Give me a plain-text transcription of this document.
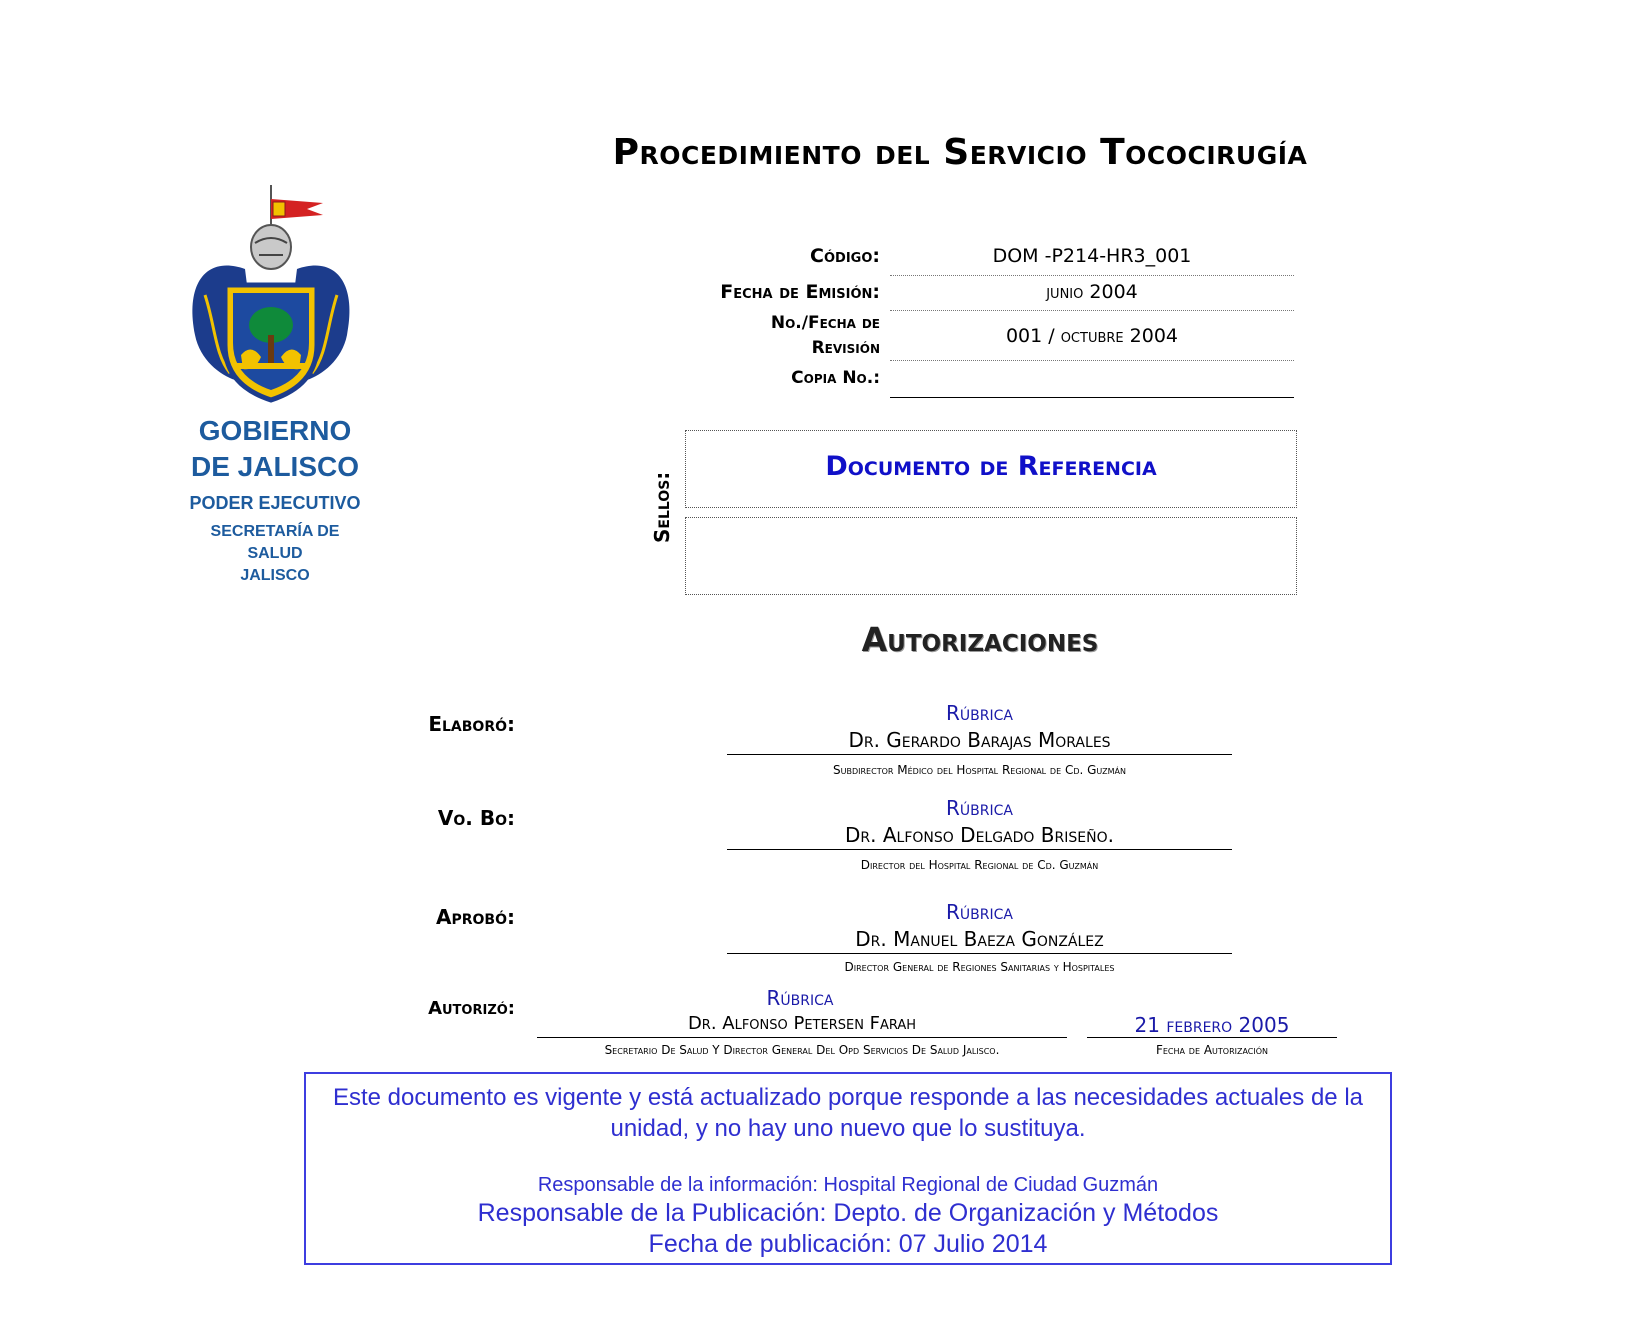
Procedimiento del Servicio Tococirugía
GOBIERNO
DE JALISCO
PODER EJECUTIVO
SECRETARÍA DE
SALUD
JALISCO
Código:	DOM -P214-HR3_001
Fecha de Emisión:	junio 2004
No./Fecha de
Revisión
001 / octubre 2004
Copia No.:
Sellos:
Documento de Referencia
Autorizaciones
Elaboró:	Rúbrica
Dr. Gerardo Barajas Morales
Subdirector Médico del Hospital Regional de Cd. Guzmán
Vo. Bo:	Rúbrica
Dr. Alfonso Delgado Briseño.
Director del Hospital Regional de Cd. Guzmán
Aprobó:	Rúbrica
Dr. Manuel Baeza González
Director General de Regiones Sanitarias y Hospitales
Autorizó:	Rúbrica
Dr. Alfonso Petersen Farah
Secretario De Salud Y Director General Del Opd Servicios De Salud Jalisco.
21 febrero 2005
Fecha de Autorización
Este documento es vigente y está actualizado porque responde a las necesidades actuales de la unidad, y no hay uno nuevo que lo sustituya.
Responsable de la información: Hospital Regional de Ciudad Guzmán
Responsable de la Publicación: Depto. de Organización y Métodos
Fecha de publicación: 07 Julio 2014
